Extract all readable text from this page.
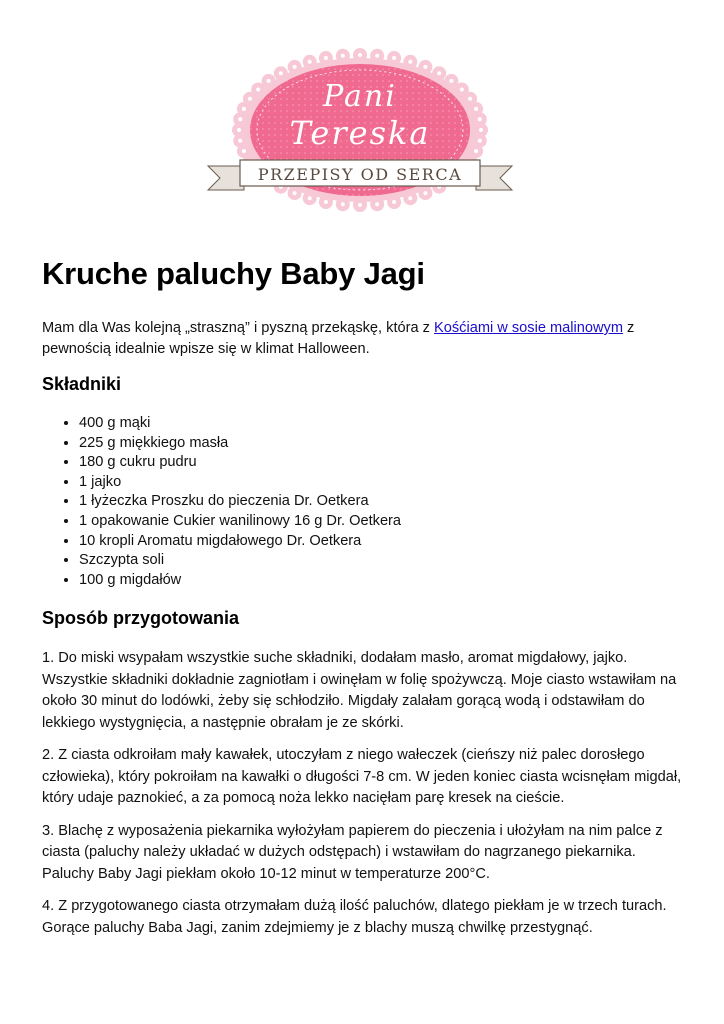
Pani
Tereska
PRZEPISY OD SERCA
Kruche paluchy Baby Jagi

Mam dla Was kolejną „straszną” i pyszną przekąskę, która z Kośćiami w sosie malinowym z pewnością idealnie wpisze się w klimat Halloween.

Składniki
• 400 g mąki
• 225 g miękkiego masła
• 180 g cukru pudru
• 1 jajko
• 1 łyżeczka Proszku do pieczenia Dr. Oetkera
• 1 opakowanie Cukier wanilinowy 16 g Dr. Oetkera
• 10 kropli Aromatu migdałowego Dr. Oetkera
• Szczypta soli
• 100 g migdałów
Sposób przygotowania

1. Do miski wsypałam wszystkie suche składniki, dodałam masło, aromat migdałowy, jajko. Wszystkie składniki dokładnie zagniotłam i owinęłam w folię spożywczą. Moje ciasto wstawiłam na około 30 minut do lodówki, żeby się schłodziło. Migdały zalałam gorącą wodą i odstawiłam do lekkiego wystygnięcia, a następnie obrałam je ze skórki.

2. Z ciasta odkroiłam mały kawałek, utoczyłam z niego wałeczek (cieńszy niż palec dorosłego człowieka), który pokroiłam na kawałki o długości 7-8 cm. W jeden koniec ciasta wcisnęłam migdał, który udaje paznokieć, a za pomocą noża lekko nacięłam parę kresek na cieście.

3. Blachę z wyposażenia piekarnika wyłożyłam papierem do pieczenia i ułożyłam na nim palce z ciasta (paluchy należy układać w dużych odstępach) i wstawiłam do nagrzanego piekarnika. Paluchy Baby Jagi piekłam około 10-12 minut w temperaturze 200°C.

4. Z przygotowanego ciasta otrzymałam dużą ilość paluchów, dlatego piekłam je w trzech turach. Gorące paluchy Baba Jagi, zanim zdejmiemy je z blachy muszą chwilkę przestygnąć.
